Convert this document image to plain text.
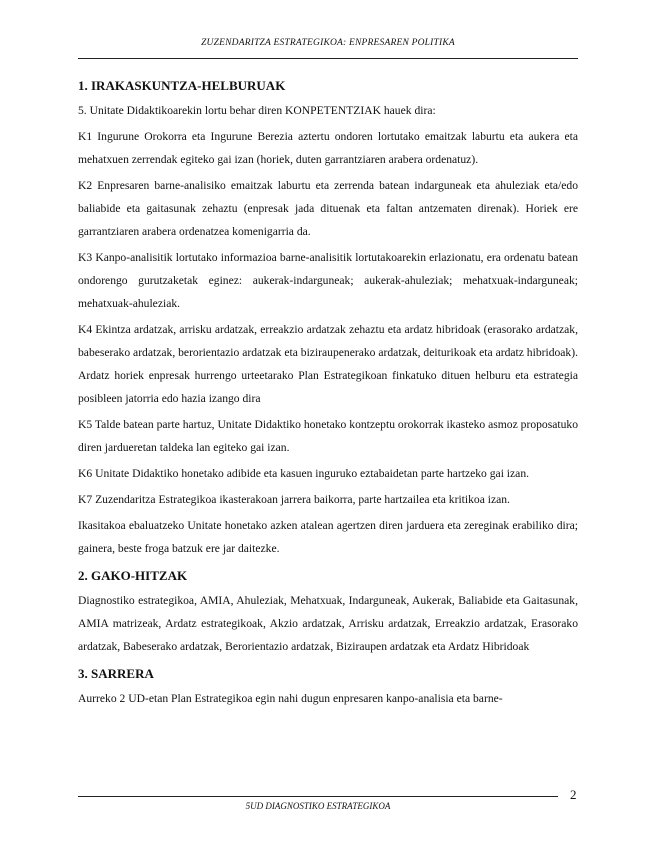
ZUZENDARITZA ESTRATEGIKOA: ENPRESAREN POLITIKA
1. IRAKASKUNTZA-HELBURUAK

5. Unitate Didaktikoarekin lortu behar diren KONPETENTZIAK hauek dira:

K1 Ingurune Orokorra eta Ingurune Berezia aztertu ondoren lortutako emaitzak laburtu eta aukera eta mehatxuen zerrendak egiteko gai izan (horiek, duten garrantziaren arabera ordenatuz).

K2 Enpresaren barne-analisiko emaitzak laburtu eta zerrenda batean indarguneak eta ahuleziak eta/edo baliabide eta gaitasunak zehaztu (enpresak jada dituenak eta faltan antzematen direnak). Horiek ere garrantziaren arabera ordenatzea komenigarria da.

K3 Kanpo-analisitik lortutako informazioa barne-analisitik lortutakoarekin erlazionatu, era ordenatu batean ondorengo gurutzaketak eginez: aukerak-indarguneak; aukerak-ahuleziak; mehatxuak-indarguneak; mehatxuak-ahuleziak.

K4 Ekintza ardatzak, arrisku ardatzak, erreakzio ardatzak zehaztu eta ardatz hibridoak (erasorako ardatzak, babeserako ardatzak, berorientazio ardatzak eta biziraupenerako ardatzak, deiturikoak eta ardatz hibridoak). Ardatz horiek enpresak hurrengo urteetarako Plan Estrategikoan finkatuko dituen helburu eta estrategia posibleen jatorria edo hazia izango dira

K5 Talde batean parte hartuz, Unitate Didaktiko honetako kontzeptu orokorrak ikasteko asmoz proposatuko diren jardueretan taldeka lan egiteko gai izan.

K6 Unitate Didaktiko honetako adibide eta kasuen inguruko eztabaidetan parte hartzeko gai izan.

K7 Zuzendaritza Estrategikoa ikasterakoan jarrera baikorra, parte hartzailea eta kritikoa izan.

Ikasitakoa ebaluatzeko Unitate honetako azken atalean agertzen diren jarduera eta zereginak erabiliko dira; gainera, beste froga batzuk ere jar daitezke.

2. GAKO-HITZAK

Diagnostiko estrategikoa, AMIA, Ahuleziak, Mehatxuak, Indarguneak, Aukerak, Baliabide eta Gaitasunak, AMIA matrizeak, Ardatz estrategikoak, Akzio ardatzak, Arrisku ardatzak, Erreakzio ardatzak, Erasorako ardatzak, Babeserako ardatzak, Berorientazio ardatzak, Biziraupen ardatzak eta Ardatz Hibridoak

3. SARRERA

Aurreko 2 UD-etan Plan Estrategikoa egin nahi dugun enpresaren kanpo-analisia eta barne-

2
5UD DIAGNOSTIKO ESTRATEGIKOA
